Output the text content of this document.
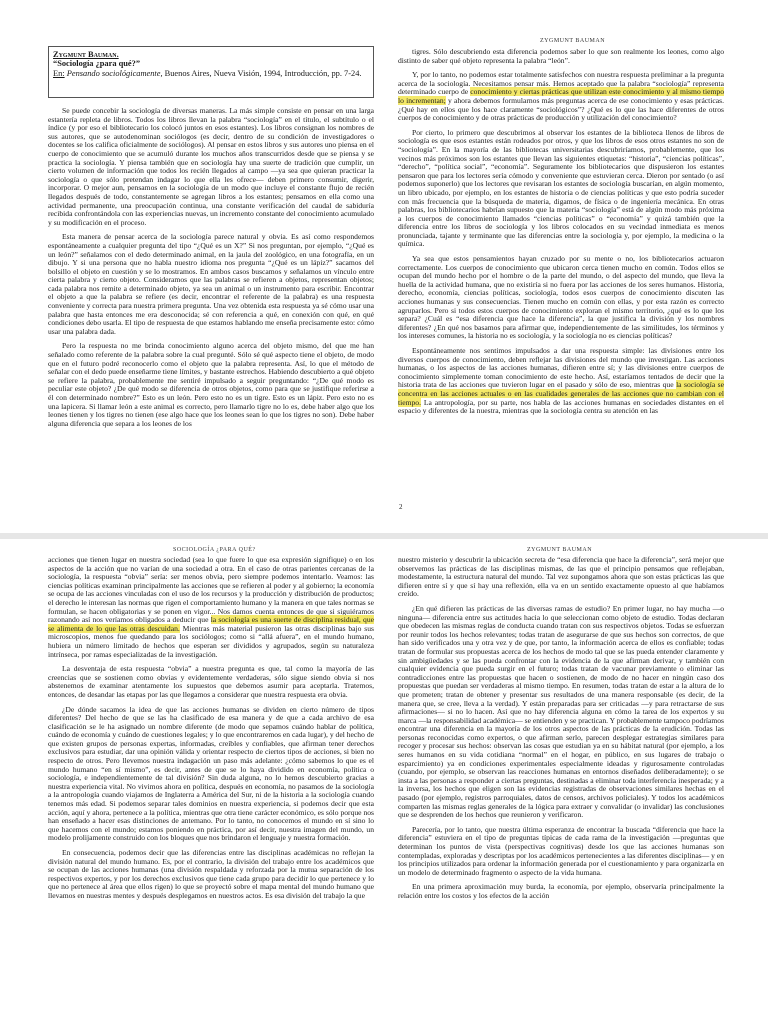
Zygmunt Bauman.
“Sociología ¿para qué?”
En: Pensando sociológicamente, Buenos Aires, Nueva Visión, 1994, Introducción, pp. 7-24.
ZYGMUNT BAUMAN

Se puede concebir la sociología de diversas maneras. La más simple consiste en pensar en una larga estantería repleta de libros. Todos los libros llevan la palabra “sociología” en el título, el subtítulo o el índice (y por eso el bibliotecario los colocó juntos en esos estantes). Los libros consignan los nombres de sus autores, que se autodenominan sociólogos (es decir, dentro de su condición de investigadores o docentes se los califica oficialmente de sociólogos). Al pensar en estos libros y sus autores uno piensa en el cuerpo de conocimiento que se acumuló durante los muchos años transcurridos desde que se piensa y se practica la sociología. Y piensa también que en sociología hay una suerte de tradición que cumplir, un cierto volumen de información que todos los recién llegados al campo —ya sea que quieran practicar la sociología o que sólo pretendan indagar lo que ella les ofrece— deben primero consumir, digerir, incorporar. O mejor aun, pensamos en la sociología de un modo que incluye el constante flujo de recién llegados después de todo, constantemente se agregan libros a los estantes; pensamos en ella como una actividad permanente, una preocupación continua, una constante verificación del caudal de sabiduría recibida confrontándola con las experiencias nuevas, un incremento constante del conocimiento acumulado y su modificación en el proceso.

Esta manera de pensar acerca de la sociología parece natural y obvia. Es así como respondemos espontáneamente a cualquier pregunta del tipo “¿Qué es un X?” Si nos preguntan, por ejemplo, “¿Qué es un león?” señalamos con el dedo determinado animal, en la jaula del zoológico, en una fotografía, en un dibujo. Y si una persona que no habla nuestro idioma nos pregunta “¿Qué es un lápiz?” sacamos del bolsillo el objeto en cuestión y se lo mostramos. En ambos casos buscamos y señalamos un vínculo entre cierta palabra y cierto objeto. Consideramos que las palabras se refieren a objetos, representan objetos; cada palabra nos remite a determinado objeto, ya sea un animal o un instrumento para escribir. Encontrar el objeto a que la palabra se refiere (es decir, encontrar el referente de la palabra) es una respuesta conveniente y correcta para nuestra primera pregunta. Una vez obtenida esta respuesta ya sé cómo usar una palabra que hasta entonces me era desconocida; sé con referencia a qué, en conexión con qué, en qué condiciones debo usarla. El tipo de respuesta de que estamos hablando me enseña precisamente esto: cómo usar una palabra dada.

Pero la respuesta no me brinda conocimiento alguno acerca del objeto mismo, del que me han señalado como referente de la palabra sobre la cual pregunté. Sólo sé qué aspecto tiene el objeto, de modo que en el futuro podré reconocerlo como el objeto que la palabra representa. Así, lo que el método de señalar con el dedo puede enseñarme tiene límites, y bastante estrechos. Habiendo descubierto a qué objeto se refiere la palabra, probablemente me sentiré impulsado a seguir preguntando: “¿De qué modo es peculiar este objeto? ¿De qué modo se diferencia de otros objetos, como para que se justifique referirse a él con determinado nombre?” Esto es un león. Pero esto no es un tigre. Esto es un lápiz. Pero esto no es una lapicera. Si llamar león a este animal es correcto, pero llamarlo tigre no lo es, debe haber algo que los leones tienen y los tigres no tienen (ese algo hace que los leones sean lo que los tigres no son). Debe haber alguna diferencia que separa a los leones de los

tigres. Sólo descubriendo esta diferencia podemos saber lo que son realmente los leones, como algo distinto de saber qué objeto representa la palabra “león”.

Y, por lo tanto, no podemos estar totalmente satisfechos con nuestra respuesta preliminar a la pregunta acerca de la sociología. Necesitamos pensar más. Hemos aceptado que la palabra “sociología” representa determinado cuerpo de conocimiento y ciertas prácticas que utilizan este conocimiento y al mismo tiempo lo incrementan; y ahora debemos formularnos más preguntas acerca de ese conocimiento y esas prácticas. ¿Qué hay en ellos que los hace claramente “sociológicos”? ¿Qué es lo que las hace diferentes de otros cuerpos de conocimiento y de otras prácticas de producción y utilización del conocimiento?

Por cierto, lo primero que descubrimos al observar los estantes de la biblioteca llenos de libros de sociología es que esos estantes están rodeados por otros, y que los libros de esos otros estantes no son de “sociología”. En la mayoría de las bibliotecas universitarias descubriríamos, probablemente, que los vecinos más próximos son los estantes que llevan las siguientes etiquetas: “historia”, “ciencias políticas”, “derecho”, “política social”, “economía”. Seguramente los bibliotecarios que dispusieron los estantes pensaron que para los lectores sería cómodo y conveniente que estuvieran cerca. Dieron por sentado (o así podemos suponerlo) que los lectores que revisaran los estantes de sociología buscarían, en algún momento, un libro ubicado, por ejemplo, en los estantes de historia o de ciencias políticas y que esto podría suceder con más frecuencia que la búsqueda de materia, digamos, de física o de ingeniería mecánica. En otras palabras, los bibliotecarios habrían supuesto que la materia “sociología” está de algún modo más próxima a los cuerpos de conocimiento llamados “ciencias políticas” o “economía” y quizá también que la diferencia entre los libros de sociología y los libros colocados en su vecindad inmediata es menos pronunciada, tajante y terminante que las diferencias entre la sociología y, por ejemplo, la medicina o la química.

Ya sea que estos pensamientos hayan cruzado por su mente o no, los bibliotecarios actuaron correctamente. Los cuerpos de conocimiento que ubicaron cerca tienen mucho en común. Todos ellos se ocupan del mundo hecho por el hombre o de la parte del mundo, o del aspecto del mundo, que lleva la huella de la actividad humana, que no existiría si no fuera por las acciones de los seres humanos. Historia, derecho, economía, ciencias políticas, sociología, todos esos cuerpos de conocimiento discuten las acciones humanas y sus consecuencias. Tienen mucho en común con ellas, y por esta razón es correcto agruparlos. Pero si todos estos cuerpos de conocimiento exploran el mismo territorio, ¿qué es lo que los separa? ¿Cuál es “esa diferencia que hace la diferencia”, la que justifica la división y los nombres diferentes? ¿En qué nos basamos para afirmar que, independientemente de las similitudes, los términos y los intereses comunes, la historia no es sociología, y la sociología no es ciencias políticas?

Espontáneamente nos sentimos impulsados a dar una respuesta simple: las divisiones entre los diversos cuerpos de conocimiento, deben reflejar las divisiones del mundo que investigan. Las acciones humanas, o los aspectos de las acciones humanas, difieren entre sí; y las divisiones entre cuerpos de conocimiento simplemente toman conocimiento de este hecho. Así, estaríamos tentados de decir que la historia trata de las acciones que tuvieron lugar en el pasado y sólo de eso, mientras que la sociología se concentra en las acciones actuales o en las cualidades generales de las acciones que no cambian con el tiempo. La antropología, por su parte, nos habla de las acciones humanas en sociedades distantes en el espacio y diferentes de la nuestra, mientras que la sociología centra su atención en las

2
SOCIOLOGÍA ¿PARA QUÉ?	ZYGMUNT BAUMAN

acciones que tienen lugar en nuestra sociedad (sea lo que fuere lo que esa expresión signifique) o en los aspectos de la acción que no varían de una sociedad a otra. En el caso de otras parientes cercanas de la sociología, la respuesta “obvia” sería: ser menos obvia, pero siempre podemos intentarlo. Veamos: las ciencias políticas examinan principalmente las acciones que se refieren al poder y al gobierno; la economía se ocupa de las acciones vinculadas con el uso de los recursos y la producción y distribución de productos; el derecho le interesan las normas que rigen el comportamiento humano y la manera en que tales normas se formulan, se hacen obligatorias y se ponen en vigor... Nos damos cuenta entonces de que si siguiéramos razonando así nos veríamos obligados a deducir que la sociología es una suerte de disciplina residual, que se alimenta de lo que las otras descuidan. Mientras más material pusieron las otras disciplinas bajo sus microscopios, menos fue quedando para los sociólogos; como si “allá afuera”, en el mundo humano, hubiera un número limitado de hechos que esperan ser divididos y agrupados, según su naturaleza intrínseca, por ramas especializadas de la investigación.

La desventaja de esta respuesta “obvia” a nuestra pregunta es que, tal como la mayoría de las creencias que se sostienen como obvias y evidentemente verdaderas, sólo sigue siendo obvia si nos abstenemos de examinar atentamente los supuestos que debemos asumir para aceptarla. Tratemos, entonces, de desandar las etapas por las que llegamos a considerar que nuestra respuesta era obvia.

¿De dónde sacamos la idea de que las acciones humanas se dividen en cierto número de tipos diferentes? Del hecho de que se las ha clasificado de esa manera y de que a cada archivo de esa clasificación se le ha asignado un nombre diferente (de modo que sepamos cuándo hablar de política, cuándo de economía y cuándo de cuestiones legales; y lo que encontraremos en cada lugar), y del hecho de que existen grupos de personas expertas, informadas, creíbles y confiables, que afirman tener derechos exclusivos para estudiar, dar una opinión válida y orientar respecto de ciertos tipos de acciones, si bien no respecto de otros. Pero llevemos nuestra indagación un paso más adelante: ¿cómo sabemos lo que es el mundo humano “en sí mismo”, es decir, antes de que se lo haya dividido en economía, política o sociología, e independientemente de tal división? Sin duda alguna, no lo hemos descubierto gracias a nuestra experiencia vital. No vivimos ahora en política, después en economía, no pasamos de la sociología a la antropología cuando viajamos de Inglaterra a América del Sur, ni de la historia a la sociología cuando tenemos más edad. Si podemos separar tales dominios en nuestra experiencia, si podemos decir que esta acción, aquí y ahora, pertenece a la política, mientras que otra tiene carácter económico, es sólo porque nos han enseñado a hacer esas distinciones de antemano. Por lo tanto, no conocemos el mundo en sí sino lo que hacemos con el mundo; estamos poniendo en práctica, por así decir, nuestra imagen del mundo, un modelo prolijamente construido con los bloques que nos brindaron el lenguaje y nuestra formación.

En consecuencia, podemos decir que las diferencias entre las disciplinas académicas no reflejan la división natural del mundo humano. Es, por el contrario, la división del trabajo entre los académicos que se ocupan de las acciones humanas (una división respaldada y reforzada por la mutua separación de los respectivos expertos, y por los derechos exclusivos que tiene cada grupo para decidir lo que pertenece y lo que no pertenece al área que ellos rigen) lo que se proyectó sobre el mapa mental del mundo humano que llevamos en nuestras mentes y después desplegamos en nuestros actos. Es esa división del trabajo la que

nuestro misterio y descubrir la ubicación secreta de “esa diferencia que hace la diferencia”, será mejor que observemos las prácticas de las disciplinas mismas, de las que el principio pensamos que reflejaban, modestamente, la estructura natural del mundo. Tal vez supongamos ahora que son estas prácticas las que difieren entre sí y que sí hay una reflexión, ella va en un sentido exactamente opuesto al que habíamos creído.

¿En qué difieren las prácticas de las diversas ramas de estudio? En primer lugar, no hay mucha —o ninguna— diferencia entre sus actitudes hacia lo que seleccionan como objeto de estudio. Todas declaran que obedecen las mismas reglas de conducta cuando tratan con sus respectivos objetos. Todas se esfuerzan por reunir todos los hechos relevantes; todas tratan de asegurarse de que sus hechos son correctos, de que han sido verificados una y otra vez y de que, por tanto, la información acerca de ellos es confiable; todas tratan de formular sus propuestas acerca de los hechos de modo tal que se las pueda entender claramente y sin ambigüedades y se las pueda confrontar con la evidencia de la que afirman derivar, y también con cualquier evidencia que pueda surgir en el futuro; todas tratan de vacunar previamente o eliminar las contradicciones entre las propuestas que hacen o sostienen, de modo de no hacer en ningún caso dos propuestas que puedan ser verdaderas al mismo tiempo. En resumen, todas tratan de estar a la altura de lo que prometen; tratan de obtener y presentar sus resultados de una manera responsable (es decir, de la manera que, se cree, lleva a la verdad). Y están preparadas para ser criticadas —y para retractarse de sus afirmaciones— si no lo hacen. Así que no hay diferencia alguna en cómo la tarea de los expertos y su marca —la responsabilidad académica— se entienden y se practican. Y probablemente tampoco podríamos encontrar una diferencia en la mayoría de los otros aspectos de las prácticas de la erudición. Todas las personas reconocidas como expertos, o que afirman serlo, parecen desplegar estrategias similares para recoger y procesar sus hechos: observan las cosas que estudian ya en su hábitat natural (por ejemplo, a los seres humanos en su vida cotidiana “normal” en el hogar, en público, en sus lugares de trabajo o esparcimiento) ya en condiciones experimentales especialmente ideadas y rigurosamente controladas (cuando, por ejemplo, se observan las reacciones humanas en entornos diseñados deliberadamente); o se insta a las personas a responder a ciertas preguntas, destinadas a eliminar toda interferencia inesperada; y a la inversa, los hechos que eligen son las evidencias registradas de observaciones similares hechas en el pasado (por ejemplo, registros parroquiales, datos de censos, archivos policiales). Y todos los académicos comparten las mismas reglas generales de la lógica para extraer y convalidar (o invalidar) las conclusiones que se desprenden de los hechos que reunieron y verificaron.

Parecería, por lo tanto, que nuestra última esperanza de encontrar la buscada “diferencia que hace la diferencia” estuviera en el tipo de preguntas típicas de cada rama de la investigación —preguntas que determinan los puntos de vista (perspectivas cognitivas) desde los que las acciones humanas son contempladas, exploradas y descriptas por los académicos pertenecientes a las diferentes disciplinas— y en los principios utilizados para ordenar la información generada por el cuestionamiento y para organizarla en un modelo de determinado fragmento o aspecto de la vida humana.

En una primera aproximación muy burda, la economía, por ejemplo, observaría principalmente la relación entre los costos y los efectos de la acción
